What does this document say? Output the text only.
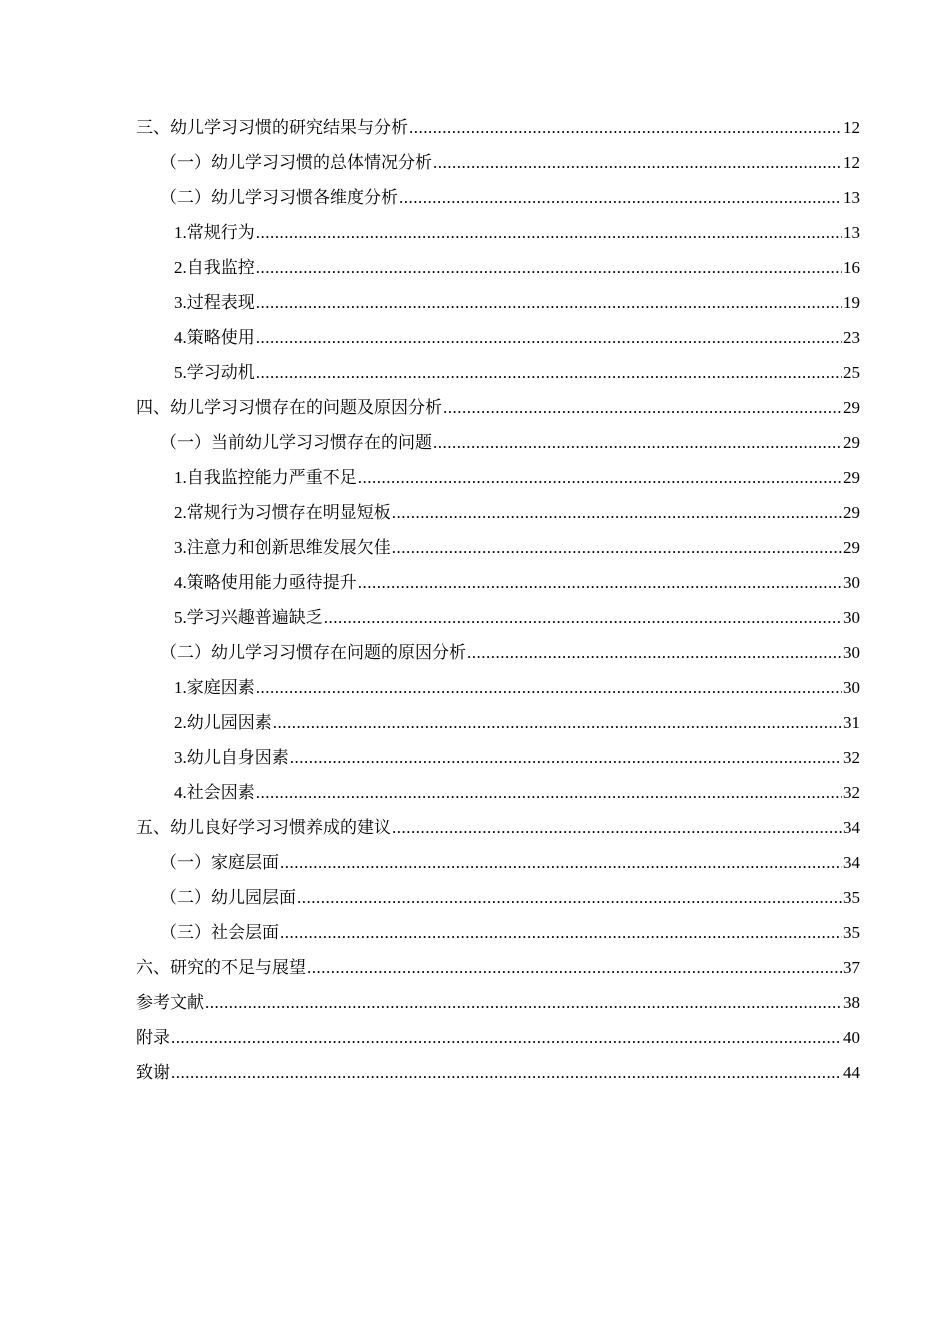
三、幼儿学习习惯的研究结果与分析 .....	12
（一）幼儿学习习惯的总体情况分析 .....	12
（二）幼儿学习习惯各维度分析 .....	13
1.常规行为 .....	13
2.自我监控 .....	16
3.过程表现 .....	19
4.策略使用 .....	23
5.学习动机 .....	25
四、幼儿学习习惯存在的问题及原因分析 .....	29
（一）当前幼儿学习习惯存在的问题 .....	29
1.自我监控能力严重不足 .....	29
2.常规行为习惯存在明显短板 .....	29
3.注意力和创新思维发展欠佳 .....	29
4.策略使用能力亟待提升 .....	30
5.学习兴趣普遍缺乏 .....	30
（二）幼儿学习习惯存在问题的原因分析 .....	30
1.家庭因素 .....	30
2.幼儿园因素 .....	31
3.幼儿自身因素 .....	32
4.社会因素 .....	32
五、幼儿良好学习习惯养成的建议 .....	34
（一）家庭层面 .....	34
（二）幼儿园层面 .....	35
（三）社会层面 .....	35
六、研究的不足与展望 .....	37
参考文献 .....	38
附录 .....	40
致谢 .....	44
